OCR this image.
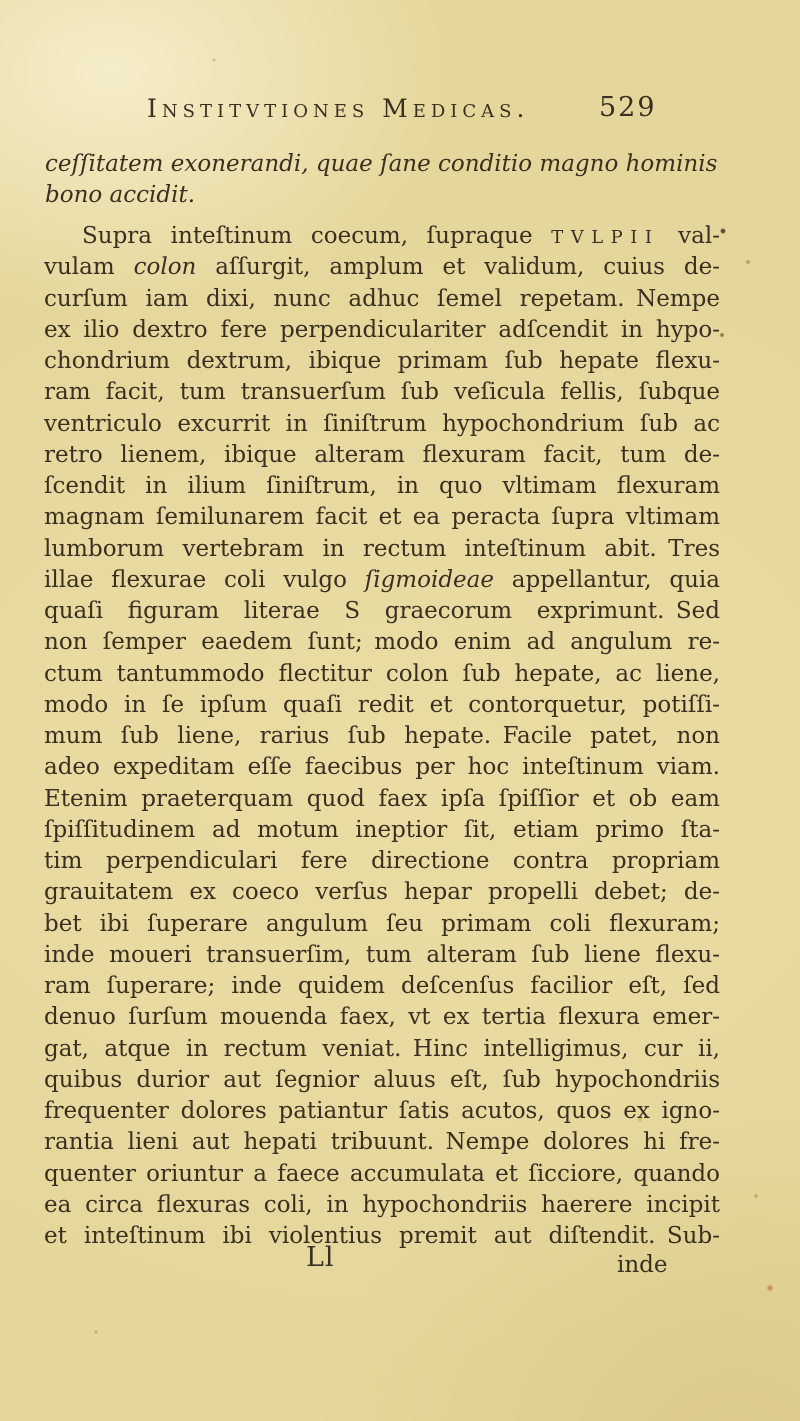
Institvtiones Medicas.	529
ceſſitatem exonerandi, quae ſane conditio magno hominis
bono accidit.
Supra inteſtinum coecum, ſupraque TVLPII val-
vulam colon aſſurgit, amplum et validum, cuius de-
curſum iam dixi, nunc adhuc ſemel repetam. Nempe
ex ilio dextro fere perpendiculariter adſcendit in hypo-
chondrium dextrum, ibique primam ſub hepate flexu-
ram facit, tum transuerſum ſub veſicula fellis, ſubque
ventriculo excurrit in ſiniſtrum hypochondrium ſub ac
retro lienem, ibique alteram flexuram facit, tum de-
ſcendit in ilium ſiniſtrum, in quo vltimam flexuram
magnam ſemilunarem facit et ea peracta ſupra vltimam
lumborum vertebram in rectum inteſtinum abit. Tres
illae flexurae coli vulgo ſigmoideae appellantur, quia
quaſi figuram literae S graecorum exprimunt. Sed
non ſemper eaedem ſunt; modo enim ad angulum re-
ctum tantummodo flectitur colon ſub hepate, ac liene,
modo in ſe ipſum quaſi redit et contorquetur, potiſſi-
mum ſub liene, rarius ſub hepate. Facile patet, non
adeo expeditam eſſe faecibus per hoc inteſtinum viam.
Etenim praeterquam quod faex ipſa ſpiſſior et ob eam
ſpiſſitudinem ad motum ineptior ſit, etiam primo ſta-
tim perpendiculari fere directione contra propriam
grauitatem ex coeco verſus hepar propelli debet; de-
bet ibi ſuperare angulum ſeu primam coli flexuram;
inde moueri transuerſim, tum alteram ſub liene flexu-
ram ſuperare; inde quidem deſcenſus facilior eſt, ſed
denuo ſurſum mouenda faex, vt ex tertia flexura emer-
gat, atque in rectum veniat. Hinc intelligimus, cur ii,
quibus durior aut ſegnior aluus eſt, ſub hypochondriis
frequenter dolores patiantur ſatis acutos, quos ex igno-
rantia lieni aut hepati tribuunt. Nempe dolores hi fre-
quenter oriuntur a faece accumulata et ſicciore, quando
ea circa flexuras coli, in hypochondriis haerere incipit
et inteſtinum ibi violentius premit aut diſtendit. Sub-
Ll	inde
